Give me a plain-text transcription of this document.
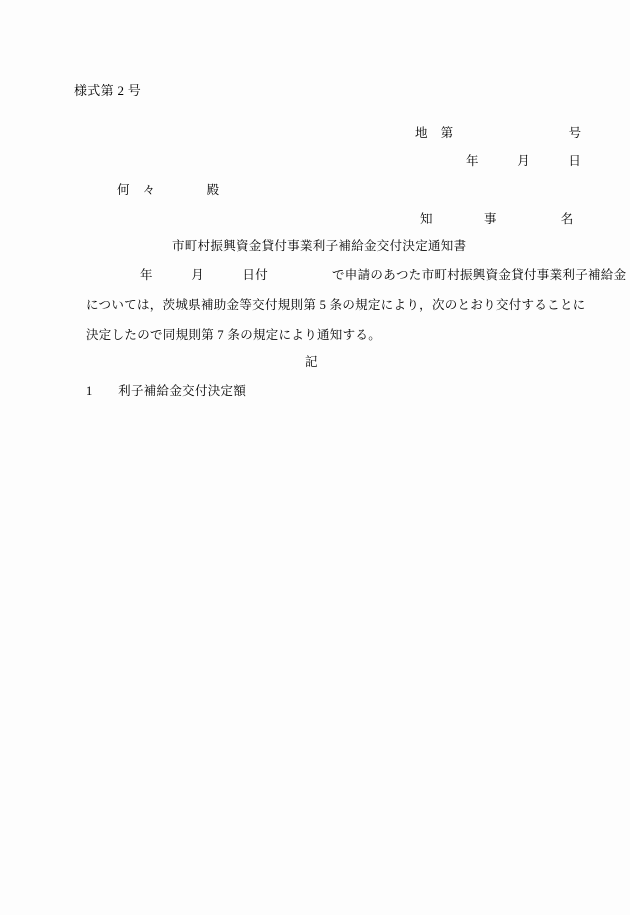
様式第 2 号
地　第　　　　　　　　　号
年　　　月　　　日
何　々　　　　殿
知　　　　事　　　　　名
市町村振興資金貸付事業利子補給金交付決定通知書
年　　　月　　　日付　　　　　で申請のあつた市町村振興資金貸付事業利子補給金
については，茨城県補助金等交付規則第 5 条の規定により，次のとおり交付することに
決定したので同規則第 7 条の規定により通知する。
記
1　　利子補給金交付決定額
